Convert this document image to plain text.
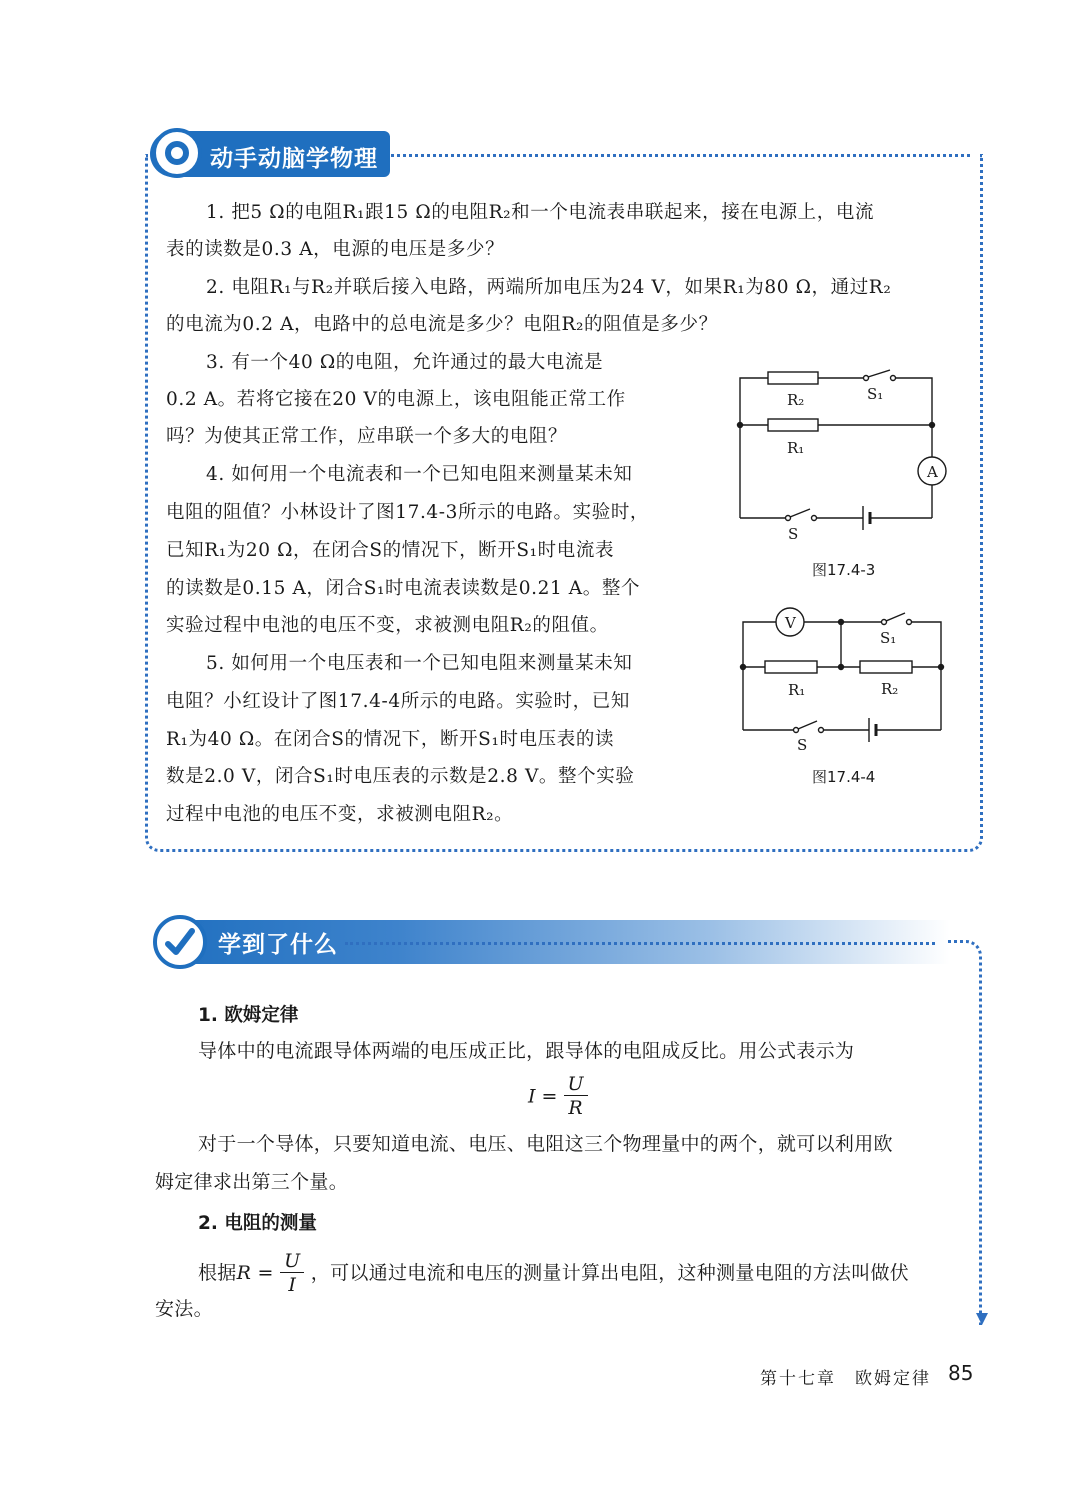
动手动脑学物理

1. 把5 Ω的电阻R₁跟15 Ω的电阻R₂和一个电流表串联起来，接在电源上，电流

表的读数是0.3 A，电源的电压是多少？

2. 电阻R₁与R₂并联后接入电路，两端所加电压为24 V，如果R₁为80 Ω，通过R₂

的电流为0.2 A，电路中的总电流是多少？电阻R₂的阻值是多少？

3. 有一个40 Ω的电阻，允许通过的最大电流是

0.2 A。若将它接在20 V的电源上，该电阻能正常工作

吗？为使其正常工作，应串联一个多大的电阻？

4. 如何用一个电流表和一个已知电阻来测量某未知

电阻的阻值？小林设计了图17.4-3所示的电路。实验时，

已知R₁为20 Ω，在闭合S的情况下，断开S₁时电流表

的读数是0.15 A，闭合S₁时电流表读数是0.21 A。整个

实验过程中电池的电压不变，求被测电阻R₂的阻值。

5. 如何用一个电压表和一个已知电阻来测量某未知

电阻？小红设计了图17.4-4所示的电路。实验时，已知

R₁为40 Ω。在闭合S的情况下，断开S₁时电压表的读

数是2.0 V，闭合S₁时电压表的示数是2.8 V。整个实验

过程中电池的电压不变，求被测电阻R₂。

R₂	S₁
R₁
A
S
图17.4-3
V
S₁
R₁	R₂
S
图17.4-4
学到了什么
1. 欧姆定律

导体中的电流跟导体两端的电压成正比，跟导体的电阻成反比。用公式表示为

$I = \frac{U}{R}$

对于一个导体，只要知道电流、电压、电阻这三个物理量中的两个，就可以利用欧

姆定律求出第三个量。

2. 电阻的测量
根据$R = \frac{U}{I}$ ，可以通过电流和电压的测量计算出电阻，这种测量电阻的方法叫做伏

安法。

第十七章　欧姆定律 85
